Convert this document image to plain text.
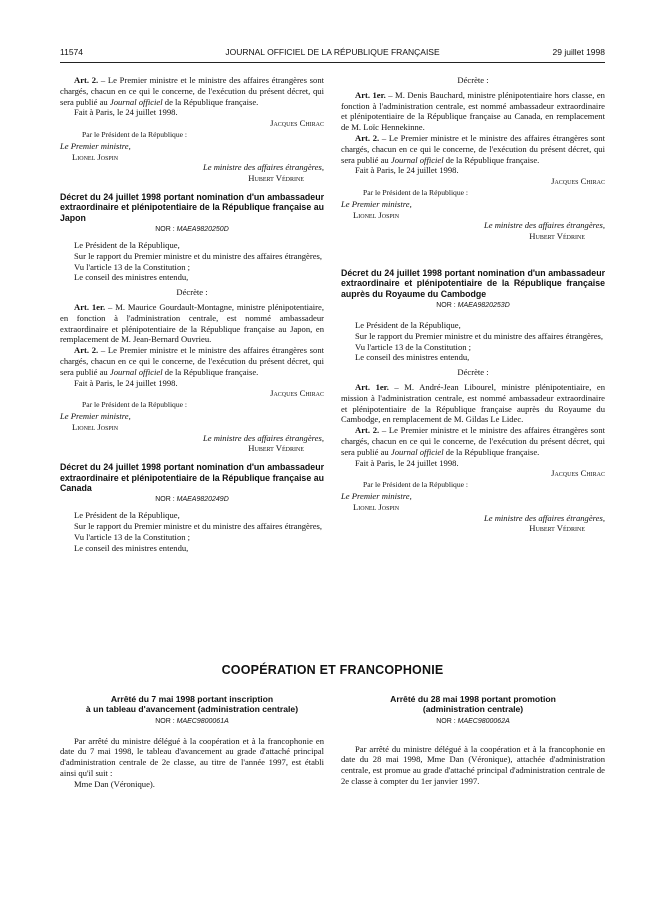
11574	JOURNAL OFFICIEL DE LA RÉPUBLIQUE FRANÇAISE	29 juillet 1998

Art. 2. – Le Premier ministre et le ministre des affaires étrangères sont chargés, chacun en ce qui le concerne, de l'exécution du présent décret, qui sera publié au Journal officiel de la République française.

Fait à Paris, le 24 juillet 1998.

Jacques Chirac

Par le Président de la République :

Le Premier ministre,

Lionel Jospin

Le ministre des affaires étrangères,

Hubert Védrine

Décret du 24 juillet 1998 portant nomination d'un ambassadeur extraordinaire et plénipotentiaire de la République française au Japon

NOR : MAEA9820250D

Le Président de la République,

Sur le rapport du Premier ministre et du ministre des affaires étrangères,

Vu l'article 13 de la Constitution ;

Le conseil des ministres entendu,

Décrète :

Art. 1er. – M. Maurice Gourdault-Montagne, ministre plénipotentiaire, en fonction à l'administration centrale, est nommé ambassadeur extraordinaire et plénipotentiaire de la République française au Japon, en remplacement de M. Jean-Bernard Ouvrieu.

Art. 2. – Le Premier ministre et le ministre des affaires étrangères sont chargés, chacun en ce qui le concerne, de l'exécution du présent décret, qui sera publié au Journal officiel de la République française.

Fait à Paris, le 24 juillet 1998.

Jacques Chirac

Par le Président de la République :

Le Premier ministre,

Lionel Jospin

Le ministre des affaires étrangères,

Hubert Védrine

Décret du 24 juillet 1998 portant nomination d'un ambassadeur extraordinaire et plénipotentiaire de la République française au Canada

NOR : MAEA9820249D

Le Président de la République,

Sur le rapport du Premier ministre et du ministre des affaires étrangères,

Vu l'article 13 de la Constitution ;

Le conseil des ministres entendu,

Décrète :

Art. 1er. – M. Denis Bauchard, ministre plénipotentiaire hors classe, en fonction à l'administration centrale, est nommé ambassadeur extraordinaire et plénipotentiaire de la République française au Canada, en remplacement de M. Loïc Hennekinne.

Art. 2. – Le Premier ministre et le ministre des affaires étrangères sont chargés, chacun en ce qui le concerne, de l'exécution du présent décret, qui sera publié au Journal officiel de la République française.

Fait à Paris, le 24 juillet 1998.

Jacques Chirac

Par le Président de la République :

Le Premier ministre,

Lionel Jospin

Le ministre des affaires étrangères,

Hubert Védrine

Décret du 24 juillet 1998 portant nomination d'un ambassadeur extraordinaire et plénipotentiaire de la République française auprès du Royaume du Cambodge

NOR : MAEA9820253D

Le Président de la République,

Sur le rapport du Premier ministre et du ministre des affaires étrangères,

Vu l'article 13 de la Constitution ;

Le conseil des ministres entendu,

Décrète :

Art. 1er. – M. André-Jean Libourel, ministre plénipotentiaire, en mission à l'administration centrale, est nommé ambassadeur extraordinaire et plénipotentiaire de la République française auprès du Royaume du Cambodge, en remplacement de M. Gildas Le Lidec.

Art. 2. – Le Premier ministre et le ministre des affaires étrangères sont chargés, chacun en ce qui le concerne, de l'exécution du présent décret, qui sera publié au Journal officiel de la République française.

Fait à Paris, le 24 juillet 1998.

Jacques Chirac

Par le Président de la République :

Le Premier ministre,

Lionel Jospin

Le ministre des affaires étrangères,

Hubert Védrine

COOPÉRATION ET FRANCOPHONIE

Arrêté du 7 mai 1998 portant inscription

à un tableau d'avancement (administration centrale)

NOR : MAEC9800061A

Par arrêté du ministre délégué à la coopération et à la francophonie en date du 7 mai 1998, le tableau d'avancement au grade d'attaché principal d'administration centrale de 2e classe, au titre de l'année 1997, est établi ainsi qu'il suit :

Mme Dan (Véronique).

Arrêté du 28 mai 1998 portant promotion

(administration centrale)

NOR : MAEC9800062A

Par arrêté du ministre délégué à la coopération et à la francophonie en date du 28 mai 1998, Mme Dan (Véronique), attachée d'administration centrale, est promue au grade d'attaché principal d'administration centrale de 2e classe à compter du 1er janvier 1997.
